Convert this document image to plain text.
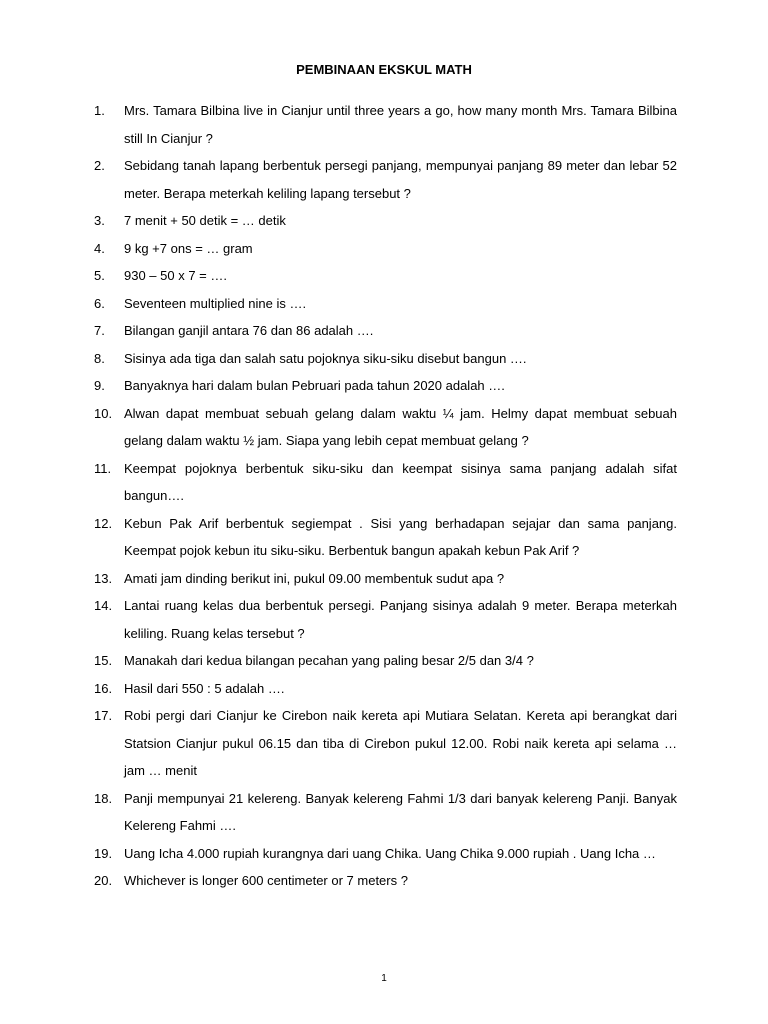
PEMBINAAN EKSKUL MATH
1. Mrs. Tamara Bilbina live in Cianjur until three years a go, how many month Mrs. Tamara Bilbina still In Cianjur ?
2. Sebidang tanah lapang berbentuk persegi panjang, mempunyai panjang 89 meter dan lebar 52 meter. Berapa meterkah keliling lapang tersebut ?
3. 7 menit + 50 detik = … detik
4. 9 kg +7 ons = … gram
5. 930 – 50 x 7 = ….
6. Seventeen multiplied nine is ….
7. Bilangan ganjil antara 76 dan 86 adalah ….
8. Sisinya ada tiga dan salah satu pojoknya siku-siku disebut bangun ….
9. Banyaknya hari dalam bulan Pebruari pada tahun 2020 adalah ….
10. Alwan dapat membuat sebuah gelang dalam waktu ¼ jam. Helmy dapat membuat sebuah gelang dalam waktu ½ jam. Siapa yang lebih cepat membuat gelang ?
11. Keempat pojoknya berbentuk siku-siku dan keempat sisinya sama panjang adalah sifat bangun….
12. Kebun Pak Arif berbentuk segiempat . Sisi yang berhadapan sejajar dan sama panjang. Keempat pojok kebun itu siku-siku. Berbentuk bangun apakah kebun Pak Arif ?
13. Amati jam dinding berikut ini, pukul 09.00 membentuk sudut apa ?
14. Lantai ruang kelas dua berbentuk persegi. Panjang sisinya adalah 9 meter. Berapa meterkah keliling. Ruang kelas tersebut ?
15. Manakah dari kedua bilangan pecahan yang paling besar 2/5 dan 3/4 ?
16. Hasil dari 550 : 5 adalah ….
17. Robi pergi dari Cianjur ke Cirebon naik kereta api Mutiara Selatan. Kereta api berangkat dari Statsion Cianjur pukul 06.15 dan tiba di Cirebon pukul 12.00. Robi naik kereta api selama … jam … menit
18. Panji mempunyai 21 kelereng. Banyak kelereng Fahmi 1/3 dari banyak kelereng Panji. Banyak Kelereng Fahmi ….
19. Uang Icha 4.000 rupiah kurangnya dari uang Chika. Uang Chika 9.000 rupiah . Uang Icha …
20. Whichever is longer 600 centimeter or 7 meters ?
1
